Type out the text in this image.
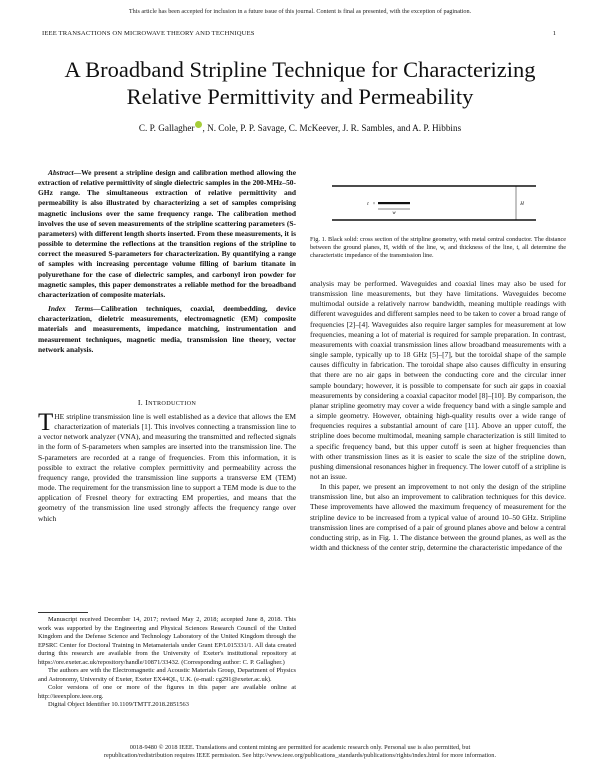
This article has been accepted for inclusion in a future issue of this journal. Content is final as presented, with the exception of pagination.
IEEE TRANSACTIONS ON MICROWAVE THEORY AND TECHNIQUES	1
A Broadband Stripline Technique for Characterizing
Relative Permittivity and Permeability
C. P. Gallagher , N. Cole, P. P. Savage, C. McKeever, J. R. Sambles, and A. P. Hibbins

Abstract—We present a stripline design and calibration method allowing the extraction of relative permittivity of single dielectric samples in the 200-MHz–50-GHz range. The simultaneous extraction of relative permittivity and permeability is also illustrated by characterizing a set of samples comprising magnetic inclusions over the same frequency range. The calibration method involves the use of seven measurements of the stripline scattering parameters (S-parameters) with different length shorts inserted. From these measurements, it is possible to determine the reflections at the transition regions of the stripline to correct the measured S-parameters for characterization. By quantifying a range of samples with increasing percentage volume filling of barium titanate in polyurethane for the case of dielectric samples, and carbonyl iron powder for magnetic samples, this paper demonstrates a reliable method for the broadband characterization of composite materials.

Index Terms—Calibration techniques, coaxial, deembedding, device characterization, dieletric measurements, electromagnetic (EM) composite materials and measurements, impedance matching, instrumentation and measurement techniques, magnetic media, transmission line theory, vector network analysis.

I. INTRODUCTION

THE stripline transmission line is well established as a device that allows the EM characterization of materials [1]. This involves connecting a transmission line to a vector network analyzer (VNA), and measuring the transmitted and reflected signals in the form of S-parameters when samples are inserted into the transmission line. The S-parameters are recorded at a range of frequencies. From this information, it is possible to extract the relative complex permittivity and permeability across the frequency range, provided the transmission line supports a transverse EM (TEM) mode. The requirement for the transmission line to support a TEM mode is due to the application of Fresnel theory for extracting EM properties, and means that the geometry of the transmission line used strongly affects the frequency range over which

Manuscript received December 14, 2017; revised May 2, 2018; accepted June 8, 2018. This work was supported by the Engineering and Physical Sciences Research Council of the United Kingdom and the Defense Science and Technology Laboratory of the United Kingdom through the EPSRC Center for Doctoral Training in Metamaterials under Grant EP/L015331/1. All data created during this research are available from the University of Exeter's institutional repository at https://ore.exeter.ac.uk/repository/handle/10871/33432. (Corresponding author: C. P. Gallagher.)

The authors are with the Electromagnetic and Acoustic Materials Group, Department of Physics and Astronomy, University of Exeter, Exeter EX44QL, U.K. (e-mail: cg291@exeter.ac.uk).

Color versions of one or more of the figures in this paper are available online at http://ieeexplore.ieee.org.

Digital Object Identifier 10.1109/TMTT.2018.2851563

w
t	H
Fig. 1. Black solid: cross section of the stripline geometry, with metal central conductor. The distance between the ground planes, H, width of the line, w, and thickness of the line, t, all determine the characteristic impedance of the transmission line.

analysis may be performed. Waveguides and coaxial lines may also be used for transmission line measurements, but they have limitations. Waveguides become multimodal outside a relatively narrow bandwidth, meaning multiple readings with different waveguides and different samples need to be taken to cover a broad range of frequencies [2]–[4]. Waveguides also require larger samples for measurement at low frequencies, meaning a lot of material is required for sample preparation. In contrast, measurements with coaxial transmission lines allow broadband measurements with a single sample, typically up to 18 GHz [5]–[7], but the toroidal shape of the sample causes difficulty in fabrication. The toroidal shape also causes difficulty in ensuring that there are no air gaps in between the conducting core and the circular inner sample boundary; however, it is possible to compensate for such air gaps in coaxial measurements by considering a coaxial capacitor model [8]–[10]. By comparison, the planar stripline geometry may cover a wide frequency band with a single sample and a simple geometry. However, obtaining high-quality results over a wide range of frequencies requires a substantial amount of care [11]. Above an upper cutoff, the stripline does become multimodal, meaning sample characterization is still limited to a specific frequency band, but this upper cutoff is seen at higher frequencies than with other transmission lines as it is easier to scale the size of the stripline down, pushing dimensional resonances higher in frequency. The lower cutoff of a stripline is not an issue.

In this paper, we present an improvement to not only the design of the stripline transmission line, but also an improvement to calibration techniques for this device. These improvements have allowed the maximum frequency of measurement for the stripline device to be increased from a typical value of around 10–50 GHz. Stripline transmission lines are comprised of a pair of ground planes above and below a central conducting strip, as in Fig. 1. The distance between the ground planes, as well as the width and thickness of the center strip, determine the characteristic impedance of the

0018-9480 © 2018 IEEE. Translations and content mining are permitted for academic research only. Personal use is also permitted, but
republication/redistribution requires IEEE permission. See http://www.ieee.org/publications_standards/publications/rights/index.html for more information.
